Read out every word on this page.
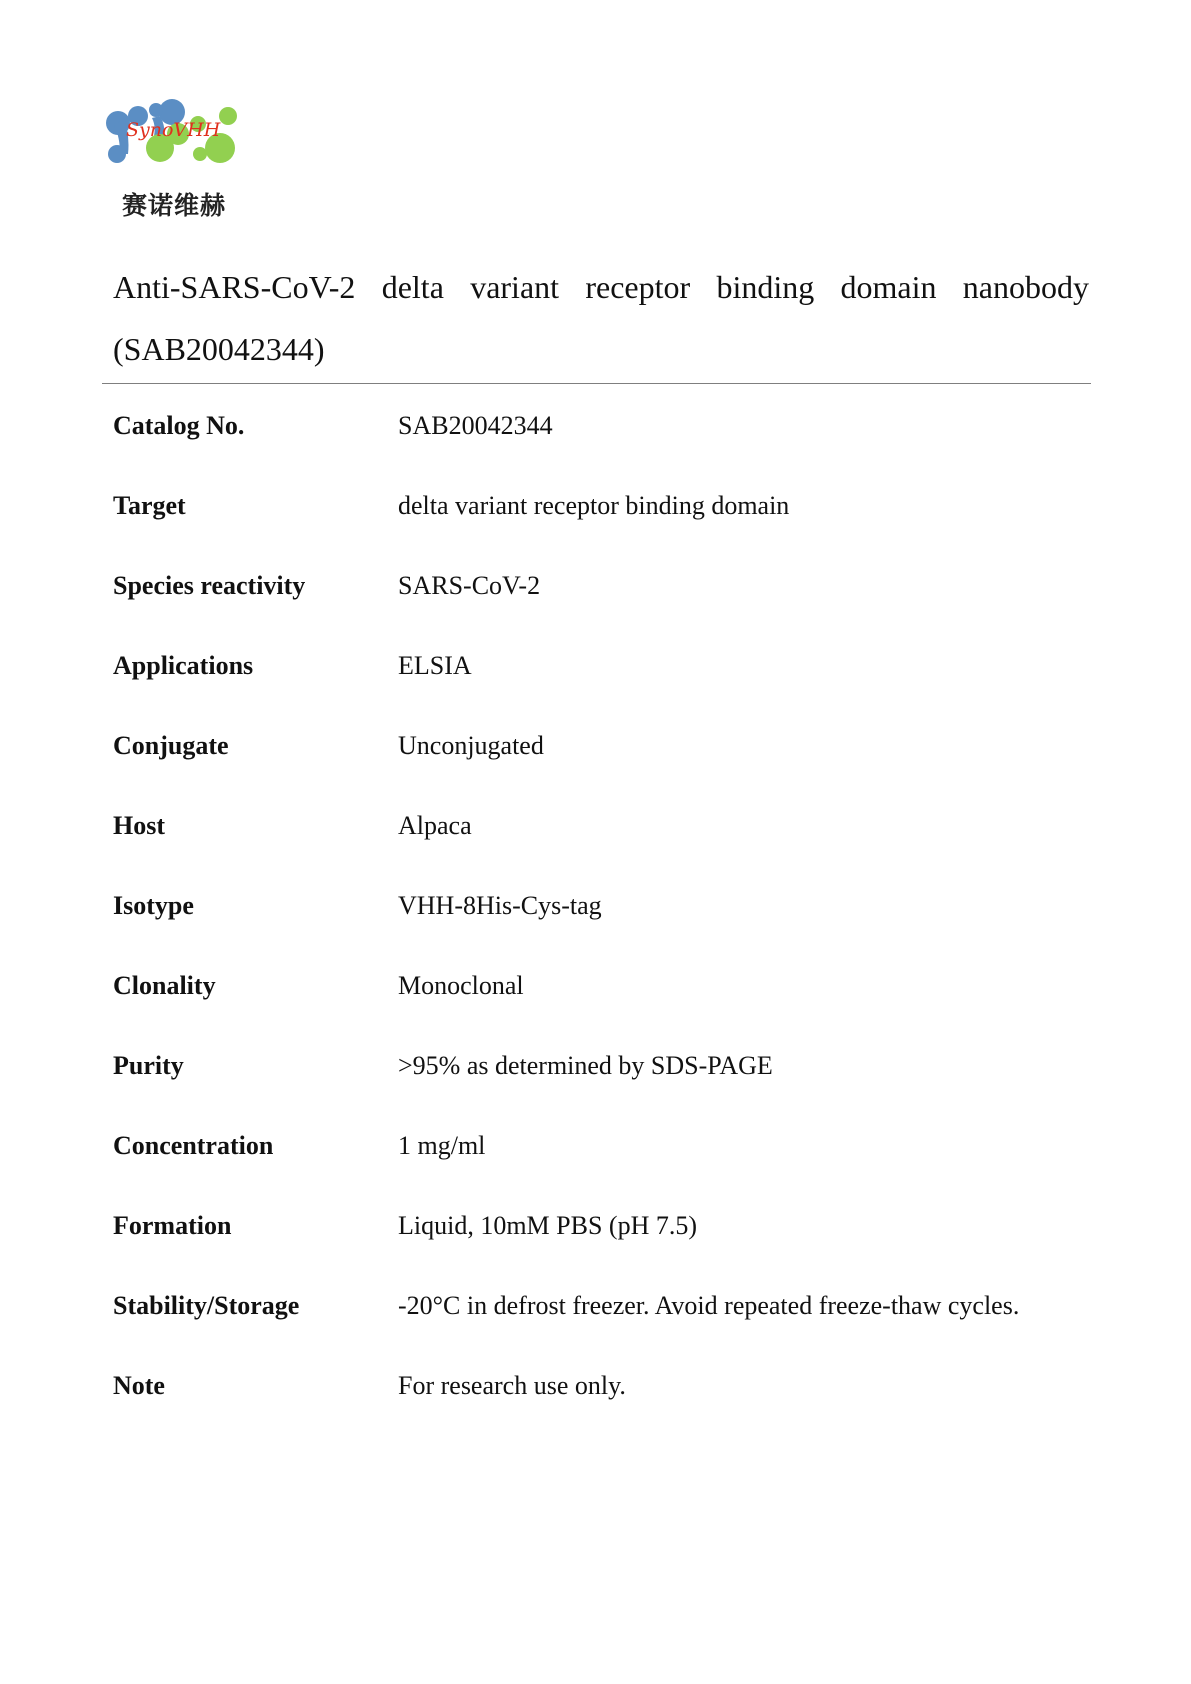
SynoVHH
赛诺维赫
Anti-SARS-CoV-2 delta variant receptor binding domain nanobody (SAB20042344)
Catalog No.	SAB20042344
Target	delta variant receptor binding domain
Species reactivity	SARS-CoV-2
Applications	ELSIA
Conjugate	Unconjugated
Host	Alpaca
Isotype	VHH-8His-Cys-tag
Clonality	Monoclonal
Purity	>95% as determined by SDS-PAGE
Concentration	1 mg/ml
Formation	Liquid, 10mM PBS (pH 7.5)
Stability/Storage	-20°C in defrost freezer. Avoid repeated freeze-thaw cycles.
Note	For research use only.
